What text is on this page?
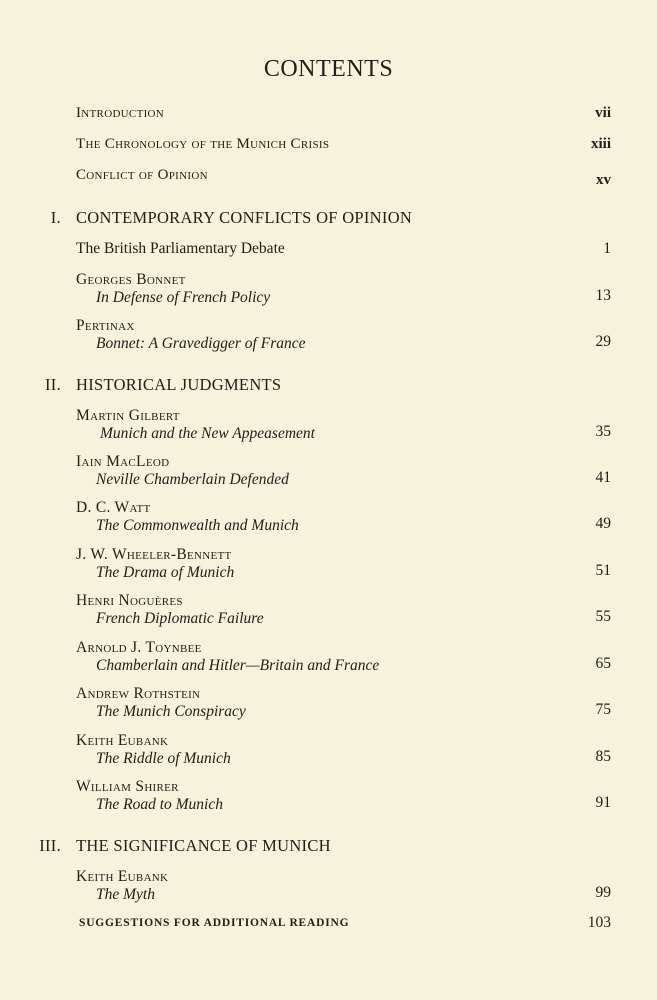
CONTENTS
Introduction	vii
The Chronology of the Munich Crisis	xiii
Conflict of Opinion	xv
I. CONTEMPORARY CONFLICTS OF OPINION
The British Parliamentary Debate	1
Georges Bonnet
In Defense of French Policy	13
Pertinax
Bonnet: A Gravedigger of France	29
II. HISTORICAL JUDGMENTS
Martin Gilbert
Munich and the New Appeasement	35
Iain MacLeod
Neville Chamberlain Defended	41
D. C. Watt
The Commonwealth and Munich	49
J. W. Wheeler-Bennett
The Drama of Munich	51
Henri Noguères
French Diplomatic Failure	55
Arnold J. Toynbee
Chamberlain and Hitler—Britain and France	65
Andrew Rothstein
The Munich Conspiracy	75
Keith Eubank
The Riddle of Munich	85
William Shirer
The Road to Munich	91
III. THE SIGNIFICANCE OF MUNICH
Keith Eubank
The Myth	99
SUGGESTIONS FOR ADDITIONAL READING	103
